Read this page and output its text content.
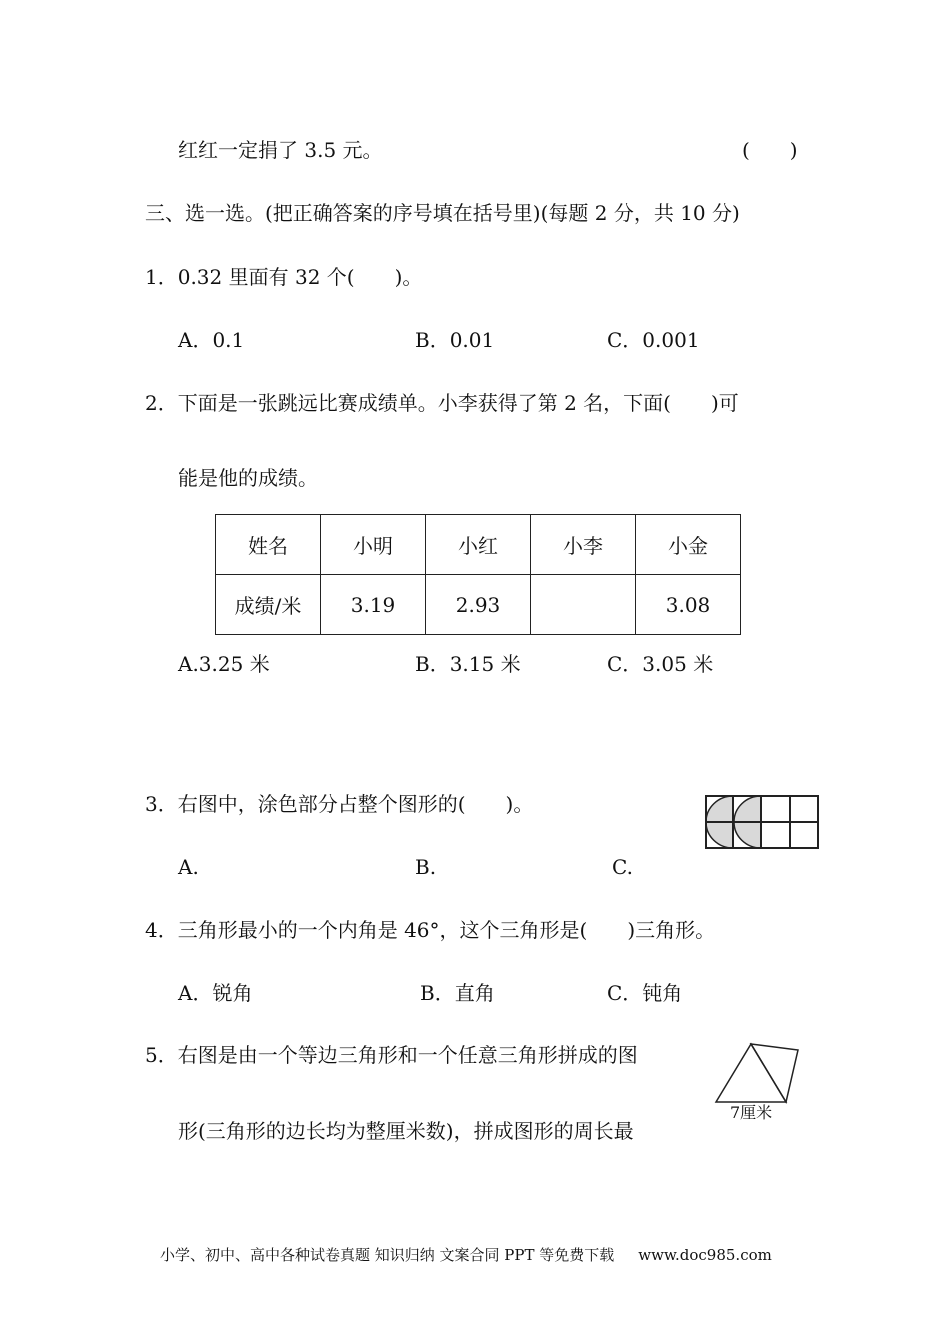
红红一定捐了 3.5 元。	(　　)
三、选一选。(把正确答案的序号填在括号里)(每题 2 分，共 10 分)
1．0.32 里面有 32 个(　　)。
A．0.1	B．0.01	C．0.001
2．下面是一张跳远比赛成绩单。小李获得了第 2 名，下面(　　)可
能是他的成绩。
姓名	小明	小红	小李	小金
成绩/米	3.19	2.93		3.08
A.3.25 米	B．3.15 米	C．3.05 米
3．右图中，涂色部分占整个图形的(　　)。
A.	B.	C.
4．三角形最小的一个内角是 46°，这个三角形是(　　)三角形。
A．锐角	B．直角	C．钝角
5．右图是由一个等边三角形和一个任意三角形拼成的图
形(三角形的边长均为整厘米数)，拼成图形的周长最
7厘米
小学、初中、高中各种试卷真题 知识归纳 文案合同 PPT 等免费下载 www.doc985.com
